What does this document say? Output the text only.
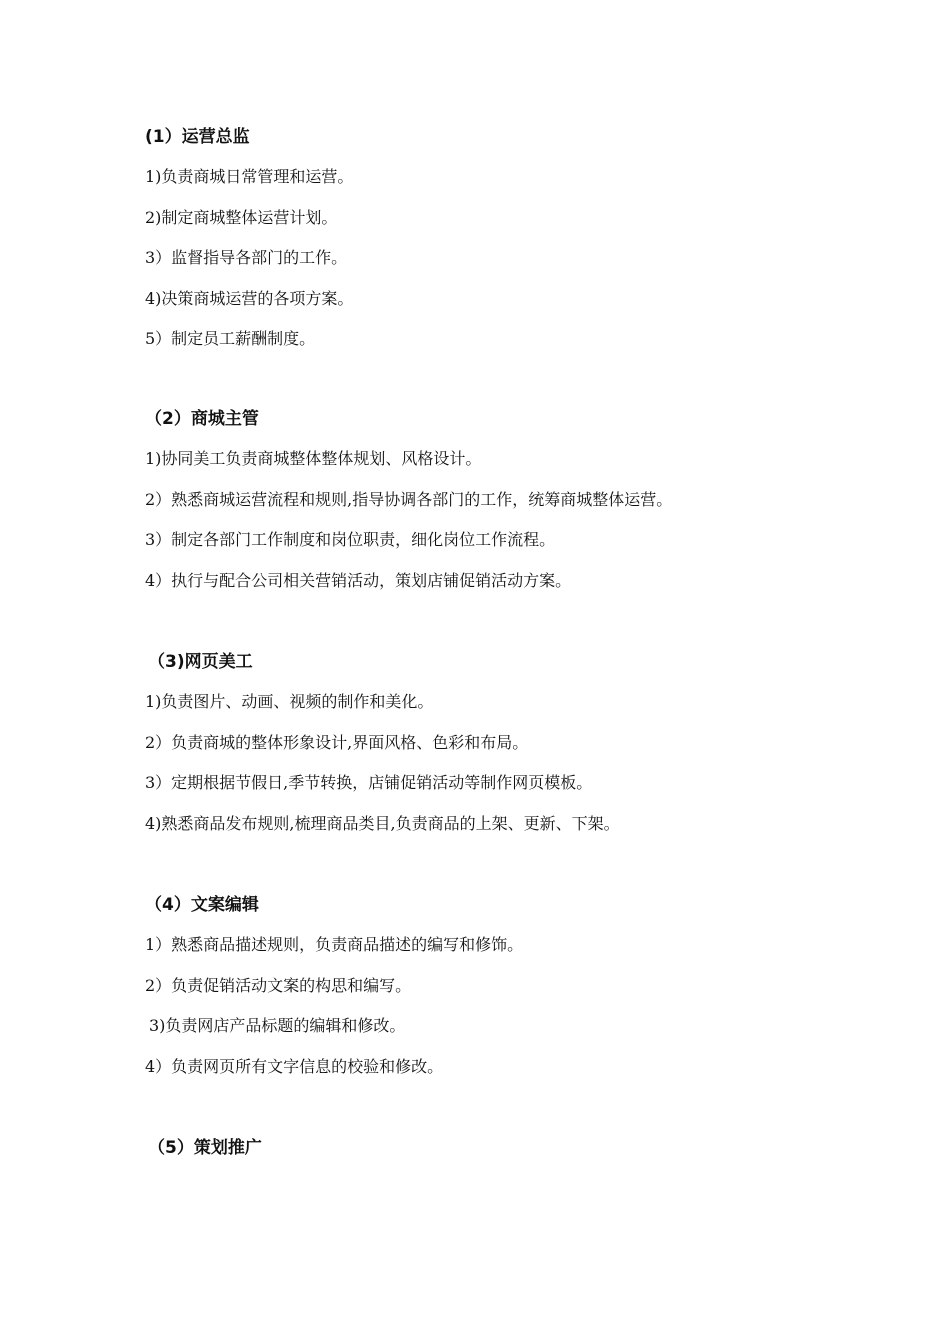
(1）运营总监
1)负责商城日常管理和运营。
2)制定商城整体运营计划。
3）监督指导各部门的工作。
4)决策商城运营的各项方案。
5）制定员工薪酬制度。
（2）商城主管
1)协同美工负责商城整体整体规划、风格设计。
2）熟悉商城运营流程和规则,指导协调各部门的工作，统筹商城整体运营。
3）制定各部门工作制度和岗位职责，细化岗位工作流程。
4）执行与配合公司相关营销活动，策划店铺促销活动方案。
（3)网页美工
1)负责图片、动画、视频的制作和美化。
2）负责商城的整体形象设计,界面风格、色彩和布局。
3）定期根据节假日,季节转换，店铺促销活动等制作网页模板。
4)熟悉商品发布规则,梳理商品类目,负责商品的上架、更新、下架。
（4）文案编辑
1）熟悉商品描述规则，负责商品描述的编写和修饰。
2）负责促销活动文案的构思和编写。
3)负责网店产品标题的编辑和修改。
4）负责网页所有文字信息的校验和修改。
（5）策划推广
